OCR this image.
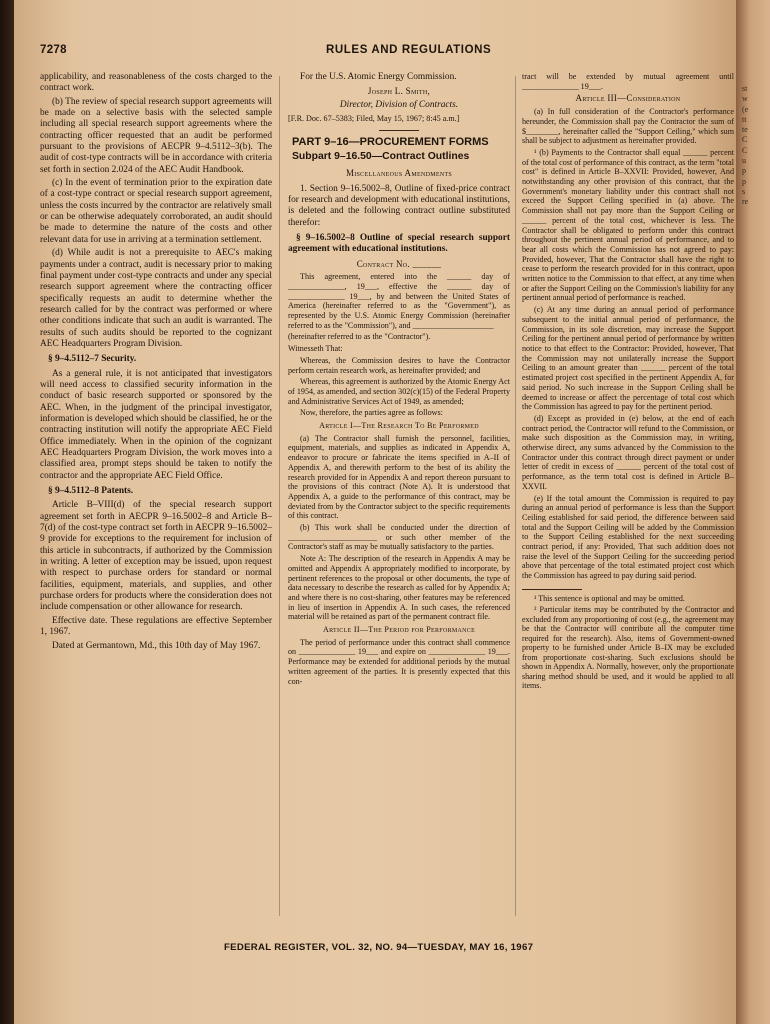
7278	RULES AND REGULATIONS

applicability, and reasonableness of the costs charged to the contract work.

(b) The review of special research support agreements will be made on a selective basis with the selected sample including all special research support agreements where the contracting officer requested that an audit be performed pursuant to the provisions of AECPR 9–4.5112–3(b). The audit of cost-type contracts will be in accordance with criteria set forth in section 2.024 of the AEC Audit Handbook.

(c) In the event of termination prior to the expiration date of a cost-type contract or special research support agreement, unless the costs incurred by the contractor are relatively small or can be otherwise adequately corroborated, an audit should be made to determine the nature of the costs and other relevant data for use in arriving at a termination settlement.

(d) While audit is not a prerequisite to AEC's making payments under a contract, audit is necessary prior to making final payment under cost-type contracts and under any special research support agreement where the contracting officer specifically requests an audit to determine whether the research called for by the contract was performed or where other conditions indicate that such an audit is warranted. The results of such audits should be reported to the cognizant AEC Headquarters Program Division.

§ 9–4.5112–7 Security.

As a general rule, it is not anticipated that investigators will need access to classified security information in the conduct of basic research supported or sponsored by the AEC. When, in the judgment of the principal investigator, information is developed which should be classified, he or the contracting institution will notify the appropriate AEC Field Office immediately. When in the opinion of the cognizant AEC Headquarters Program Division, the work moves into a classified area, prompt steps should be taken to notify the contractor and the appropriate AEC Field Office.

§ 9–4.5112–8 Patents.

Article B–VIII(d) of the special research support agreement set forth in AECPR 9–16.5002–8 and Article B–7(d) of the cost-type contract set forth in AECPR 9–16.5002–9 provide for exceptions to the requirement for inclusion of this article in subcontracts, if authorized by the Commission in writing. A letter of exception may be issued, upon request with respect to purchase orders for standard or normal facilities, equipment, materials, and supplies, and other purchase orders for products where the consideration does not include compensation or other allowance for research.

Effective date. These regulations are effective September 1, 1967.

Dated at Germantown, Md., this 10th day of May 1967.

For the U.S. Atomic Energy Commission.

Joseph L. Smith,

Director, Division of Contracts.

[F.R. Doc. 67–5383; Filed, May 15, 1967; 8:45 a.m.]

PART 9–16—PROCUREMENT FORMS
Subpart 9–16.50—Contract Outlines

Miscellaneous Amendments

1. Section 9–16.5002–8, Outline of fixed-price contract for research and development with educational institutions, is deleted and the following contract outline substituted therefor:

§ 9–16.5002–8 Outline of special research support agreement with educational institutions.

Contract No. ______

This agreement, entered into the ______ day of ______________, 19___, effective the ______ day of ______________ 19___, by and between the United States of America (hereinafter referred to as the "Government"), as represented by the U.S. Atomic Energy Commission (hereinafter referred to as the "Commission"), and ____________________

(hereinafter referred to as the "Contractor").

Witnesseth That:

Whereas, the Commission desires to have the Contractor perform certain research work, as hereinafter provided; and

Whereas, this agreement is authorized by the Atomic Energy Act of 1954, as amended, and section 302(c)(15) of the Federal Property and Administrative Services Act of 1949, as amended;

Now, therefore, the parties agree as follows:

Article I—The Research To Be Performed

(a) The Contractor shall furnish the personnel, facilities, equipment, materials, and supplies as indicated in Appendix A, endeavor to procure or fabricate the items specified in A–II of Appendix A, and therewith perform to the best of its ability the research provided for in Appendix A and report thereon pursuant to the provisions of this contract (Note A). It is understood that Appendix A, a guide to the performance of this contract, may be deviated from by the Contractor subject to the specific requirements of this contract.

(b) This work shall be conducted under the direction of ______________________ or such other member of the Contractor's staff as may be mutually satisfactory to the parties.

Note A: The description of the research in Appendix A may be omitted and Appendix A appropriately modified to incorporate, by pertinent references to the proposal or other documents, the type of data necessary to describe the research as called for by Appendix A; and where there is no cost-sharing, other features may be referenced in lieu of insertion in Appendix A. In such cases, the referenced material will be retained as part of the permanent contract file.

Article II—The Period for Performance

The period of performance under this contract shall commence on ______________ 19___ and expire on ______________ 19___. Performance may be extended for additional periods by the mutual written agreement of the parties. It is presently expected that this con-

tract will be extended by mutual agreement until ______________ 19___.

Article III—Consideration

(a) In full consideration of the Contractor's performance hereunder, the Commission shall pay the Contractor the sum of $________, hereinafter called the "Support Ceiling," which sum shall be subject to adjustment as hereinafter provided.

¹ (b) Payments to the Contractor shall equal ______ percent of the total cost of performance of this contract, as the term "total cost" is defined in Article B–XXVII: Provided, however, And notwithstanding any other provision of this contract, that the Government's monetary liability under this contract shall not exceed the Support Ceiling specified in (a) above. The Commission shall not pay more than the Support Ceiling or ______ percent of the total cost, whichever is less. The Contractor shall be obligated to perform under this contract throughout the pertinent annual period of performance, and to bear all costs which the Commission has not agreed to pay: Provided, however, That the Contractor shall have the right to cease to perform the research provided for in this contract, upon written notice to the Commission to that effect, at any time when or after the Support Ceiling on the Commission's liability for any pertinent annual period of performance is reached.

(c) At any time during an annual period of performance subsequent to the initial annual period of performance, the Commission, in its sole discretion, may increase the Support Ceiling for the pertinent annual period of performance by written notice to that effect to the Contractor: Provided, however, That the Commission may not unilaterally increase the Support Ceiling to an amount greater than ______ percent of the total estimated project cost specified in the pertinent Appendix A, for said period. No such increase in the Support Ceiling shall be deemed to increase or affect the percentage of total cost which the Commission has agreed to pay for the pertinent period.

(d) Except as provided in (e) below, at the end of each contract period, the Contractor will refund to the Commission, or make such disposition as the Commission may, in writing, otherwise direct, any sums advanced by the Commission to the Contractor under this contract through direct payment or under letter of credit in excess of ______ percent of the total cost of performance, as the term total cost is defined in Article B–XXVII.

(e) If the total amount the Commission is required to pay during an annual period of performance is less than the Support Ceiling established for said period, the difference between said total and the Support Ceiling will be added by the Commission to the Support Ceiling established for the next succeeding contract period, if any: Provided, That such addition does not raise the level of the Support Ceiling for the succeeding period above that percentage of the total estimated project cost which the Commission has agreed to pay during said period.

¹ This sentence is optional and may be omitted.

² Particular items may be contributed by the Contractor and excluded from any proportioning of cost (e.g., the agreement may be that the Contractor will contribute all the computer time required for the research). Also, items of Government-owned property to be furnished under Article B–IX may be excluded from proportionate cost-sharing. Such exclusions should be shown in Appendix A. Normally, however, only the proportionate sharing method should be used, and it would be applied to all items.

FEDERAL REGISTER, VOL. 32, NO. 94—TUESDAY, MAY 16, 1967
st
w
(e
tt
te
C
C
u
p
p
s
re
